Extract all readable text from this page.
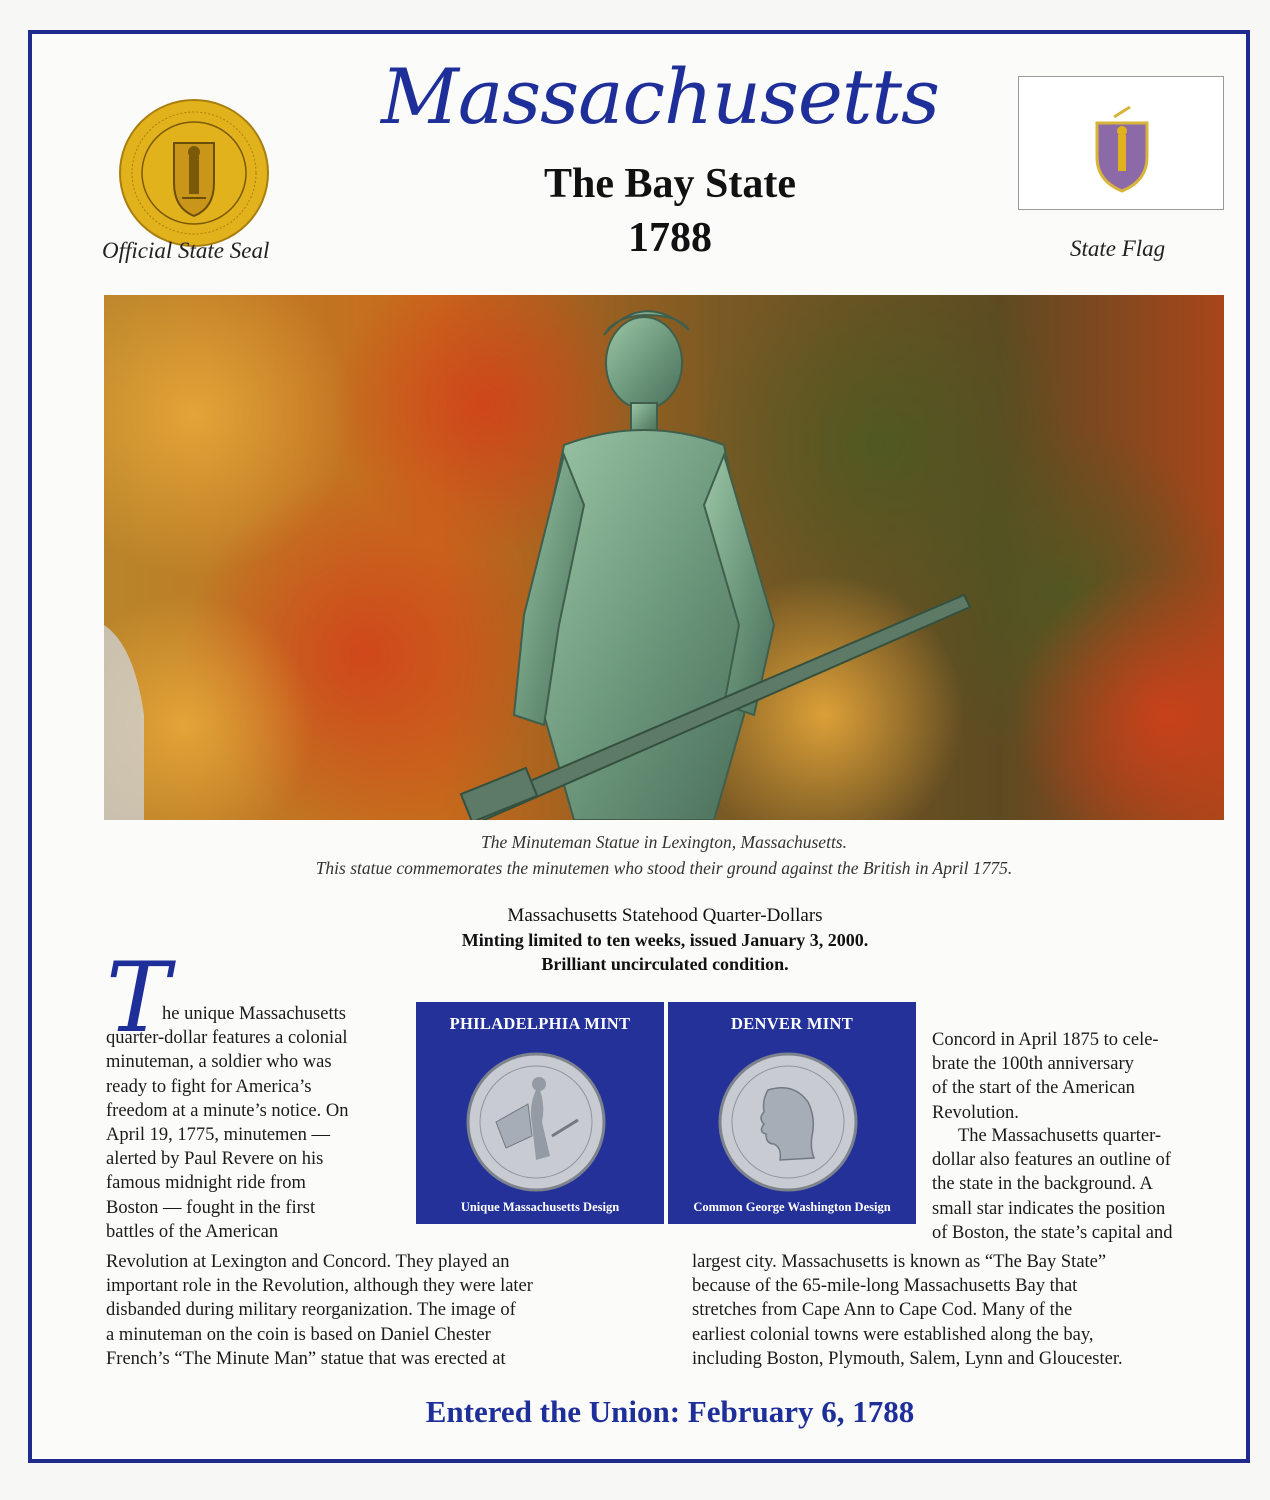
Official State Seal
Massachusetts
The Bay State
1788	State Flag
The Minuteman Statue in Lexington, Massachusetts.
This statue commemorates the minutemen who stood their ground against the British in April 1775.
Massachusetts Statehood Quarter-Dollars
Minting limited to ten weeks, issued January 3, 2000.
Brilliant uncirculated condition.
T
he unique Massachusetts
quarter-dollar features a colonial
minuteman, a soldier who was
ready to fight for America’s
freedom at a minute’s notice. On
April 19, 1775, minutemen —
alerted by Paul Revere on his
famous midnight ride from
Boston — fought in the first
battles of the American
PHILADELPHIA MINT
Unique Massachusetts Design
DENVER MINT
Common George Washington Design
Concord in April 1875 to cele-
brate the 100th anniversary
of the start of the American
Revolution.
The Massachusetts quarter-
dollar also features an outline of
the state in the background. A
small star indicates the position
of Boston, the state’s capital and
Revolution at Lexington and Concord. They played an
important role in the Revolution, although they were later
disbanded during military reorganization. The image of
a minuteman on the coin is based on Daniel Chester
French’s “The Minute Man” statue that was erected at
largest city. Massachusetts is known as “The Bay State”
because of the 65-mile-long Massachusetts Bay that
stretches from Cape Ann to Cape Cod. Many of the
earliest colonial towns were established along the bay,
including Boston, Plymouth, Salem, Lynn and Gloucester.
Entered the Union: February 6, 1788
